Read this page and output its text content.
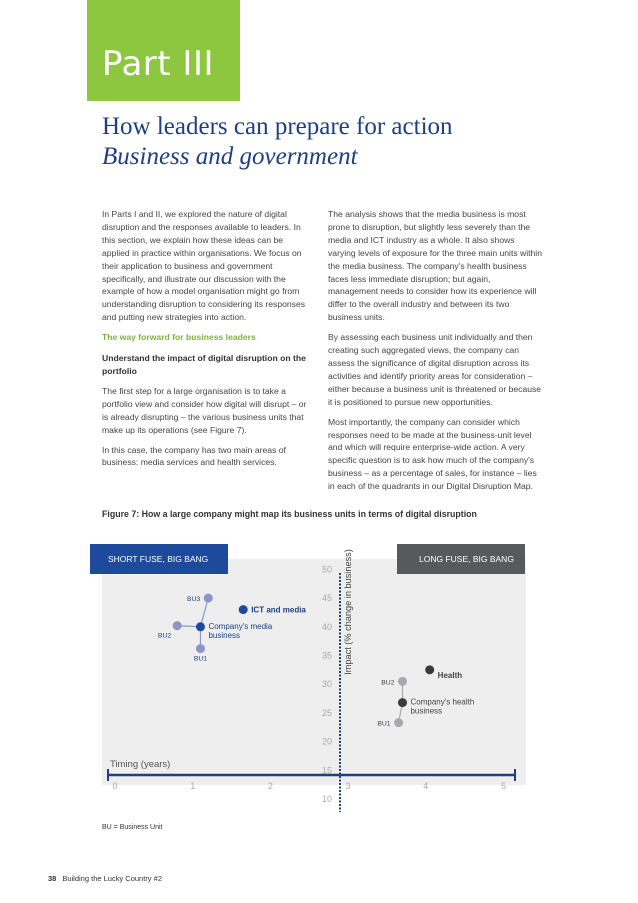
Part III
How leaders can prepare for action
Business and government

In Parts I and II, we explored the nature of digital disruption and the responses available to leaders. In this section, we explain how these ideas can be applied in practice within organisations. We focus on their application to business and government specifically, and illustrate our discussion with the example of how a model organisation might go from understanding disruption to considering its responses and putting new strategies into action.

The way forward for business leaders

Understand the impact of digital disruption on the portfolio

The first step for a large organisation is to take a portfolio view and consider how digital will disrupt – or is already disrupting – the various business units that make up its operations (see Figure 7).

In this case, the company has two main areas of business: media services and health services.

The analysis shows that the media business is most prone to disruption, but slightly less severely than the media and ICT industry as a whole. It also shows varying levels of exposure for the three main units within the media business. The company's health business faces less immediate disruption; but again, management needs to consider how its experience will differ to the overall industry and between its two business units.

By assessing each business unit individually and then creating such aggregated views, the company can assess the significance of digital disruption across its activities and identify priority areas for consideration – either because a business unit is threatened or because it is positioned to pursue new opportunities.

Most importantly, the company can consider which responses need to be made at the business-unit level and which will require enterprise-wide action. A very specific question is to ask how much of the company's business – as a percentage of sales, for instance – lies in each of the quadrants in our Digital Disruption Map.

Figure 7: How a large company might map its business units in terms of digital disruption
0	1	2	3	4	5
10
15
20
25
30
35
40
45
50
Timing (years)
Impact (% change in business)
BU3
BU2
BU1
Company's media
business
ICT and media
Health
BU2
Company's health
business
BU1
SHORT FUSE, BIG BANG	LONG FUSE, BIG BANG
BU = Business Unit
38 Building the Lucky Country #2
